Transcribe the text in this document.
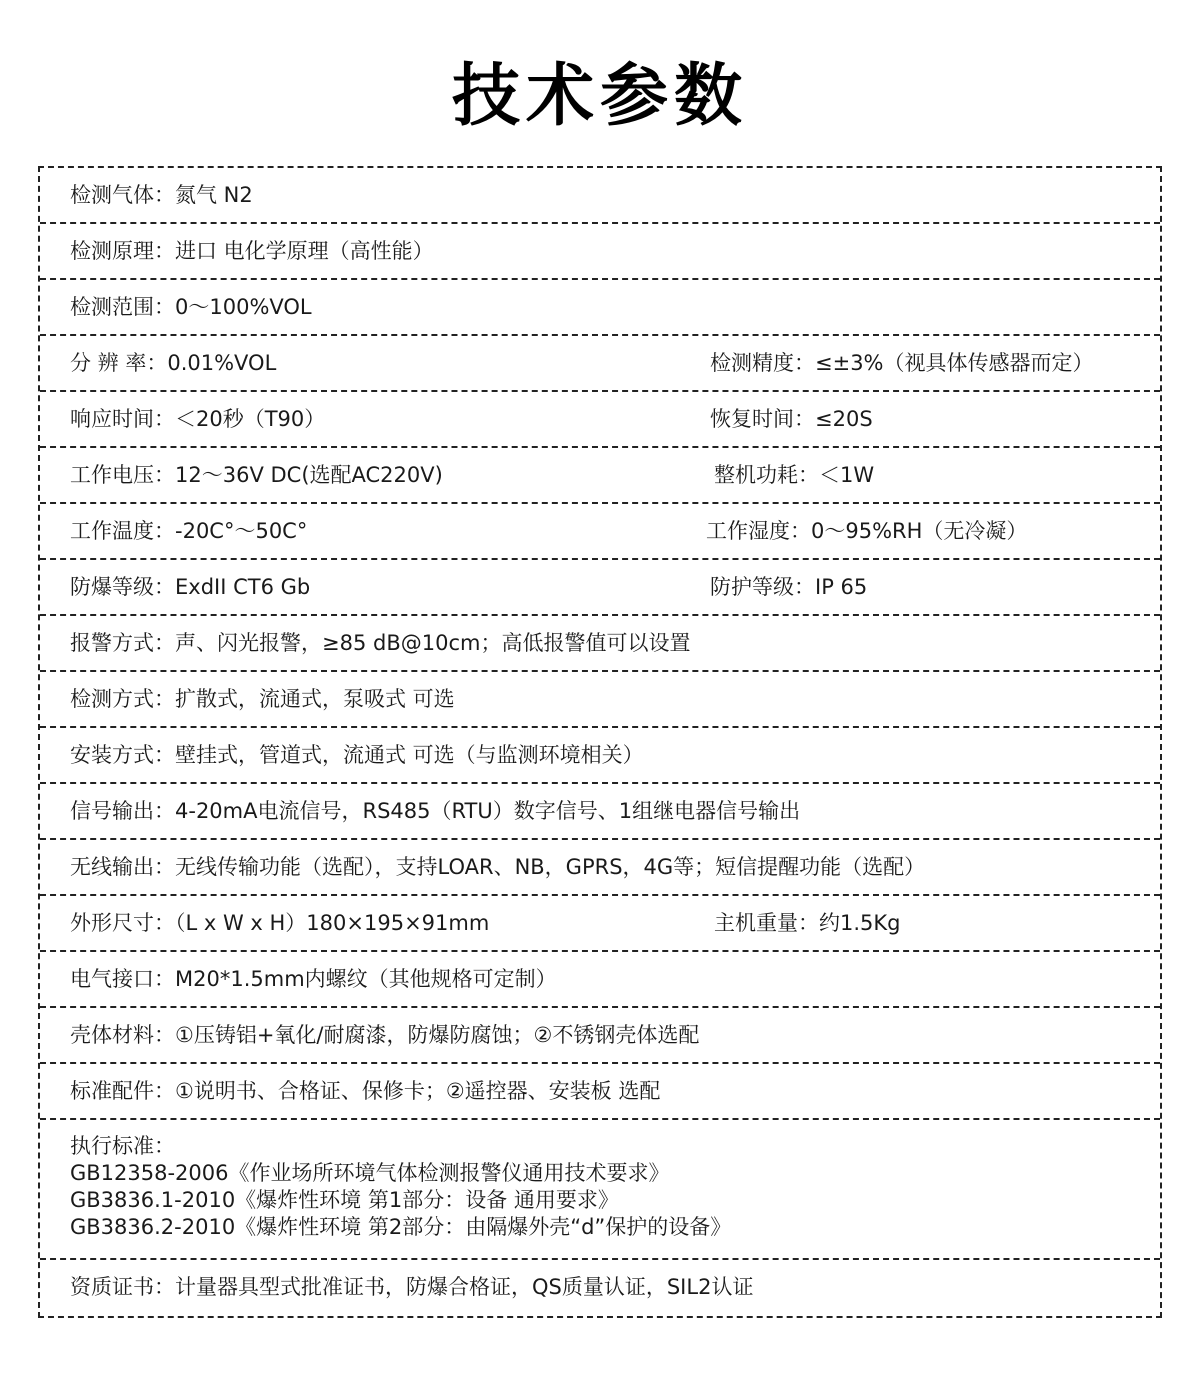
技术参数
检测气体：氮气 N2
检测原理：进口 电化学原理（高性能）
检测范围：0～100%VOL
分 辨 率：0.01%VOL	检测精度：≤±3%（视具体传感器而定）
响应时间：＜20秒（T90）	恢复时间：≤20S
工作电压：12～36V DC(选配AC220V)	整机功耗：＜1W
工作温度：-20C°～50C°	工作湿度：0～95%RH（无冷凝）
防爆等级：ExdII CT6 Gb	防护等级：IP 65
报警方式：声、闪光报警，≥85 dB@10cm；高低报警值可以设置
检测方式：扩散式，流通式，泵吸式 可选
安装方式：壁挂式，管道式，流通式 可选（与监测环境相关）
信号输出：4-20mA电流信号，RS485（RTU）数字信号、1组继电器信号输出
无线输出：无线传输功能（选配），支持LOAR、NB，GPRS，4G等；短信提醒功能（选配）
外形尺寸：（L x W x H）180×195×91mm	主机重量：约1.5Kg
电气接口：M20*1.5mm内螺纹（其他规格可定制）
壳体材料：①压铸铝+氧化/耐腐漆，防爆防腐蚀；②不锈钢壳体选配
标准配件：①说明书、合格证、保修卡；②遥控器、安装板 选配
执行标准：
GB12358-2006《作业场所环境气体检测报警仪通用技术要求》
GB3836.1-2010《爆炸性环境 第1部分：设备 通用要求》
GB3836.2-2010《爆炸性环境 第2部分：由隔爆外壳“d”保护的设备》
资质证书：计量器具型式批准证书，防爆合格证，QS质量认证，SIL2认证
